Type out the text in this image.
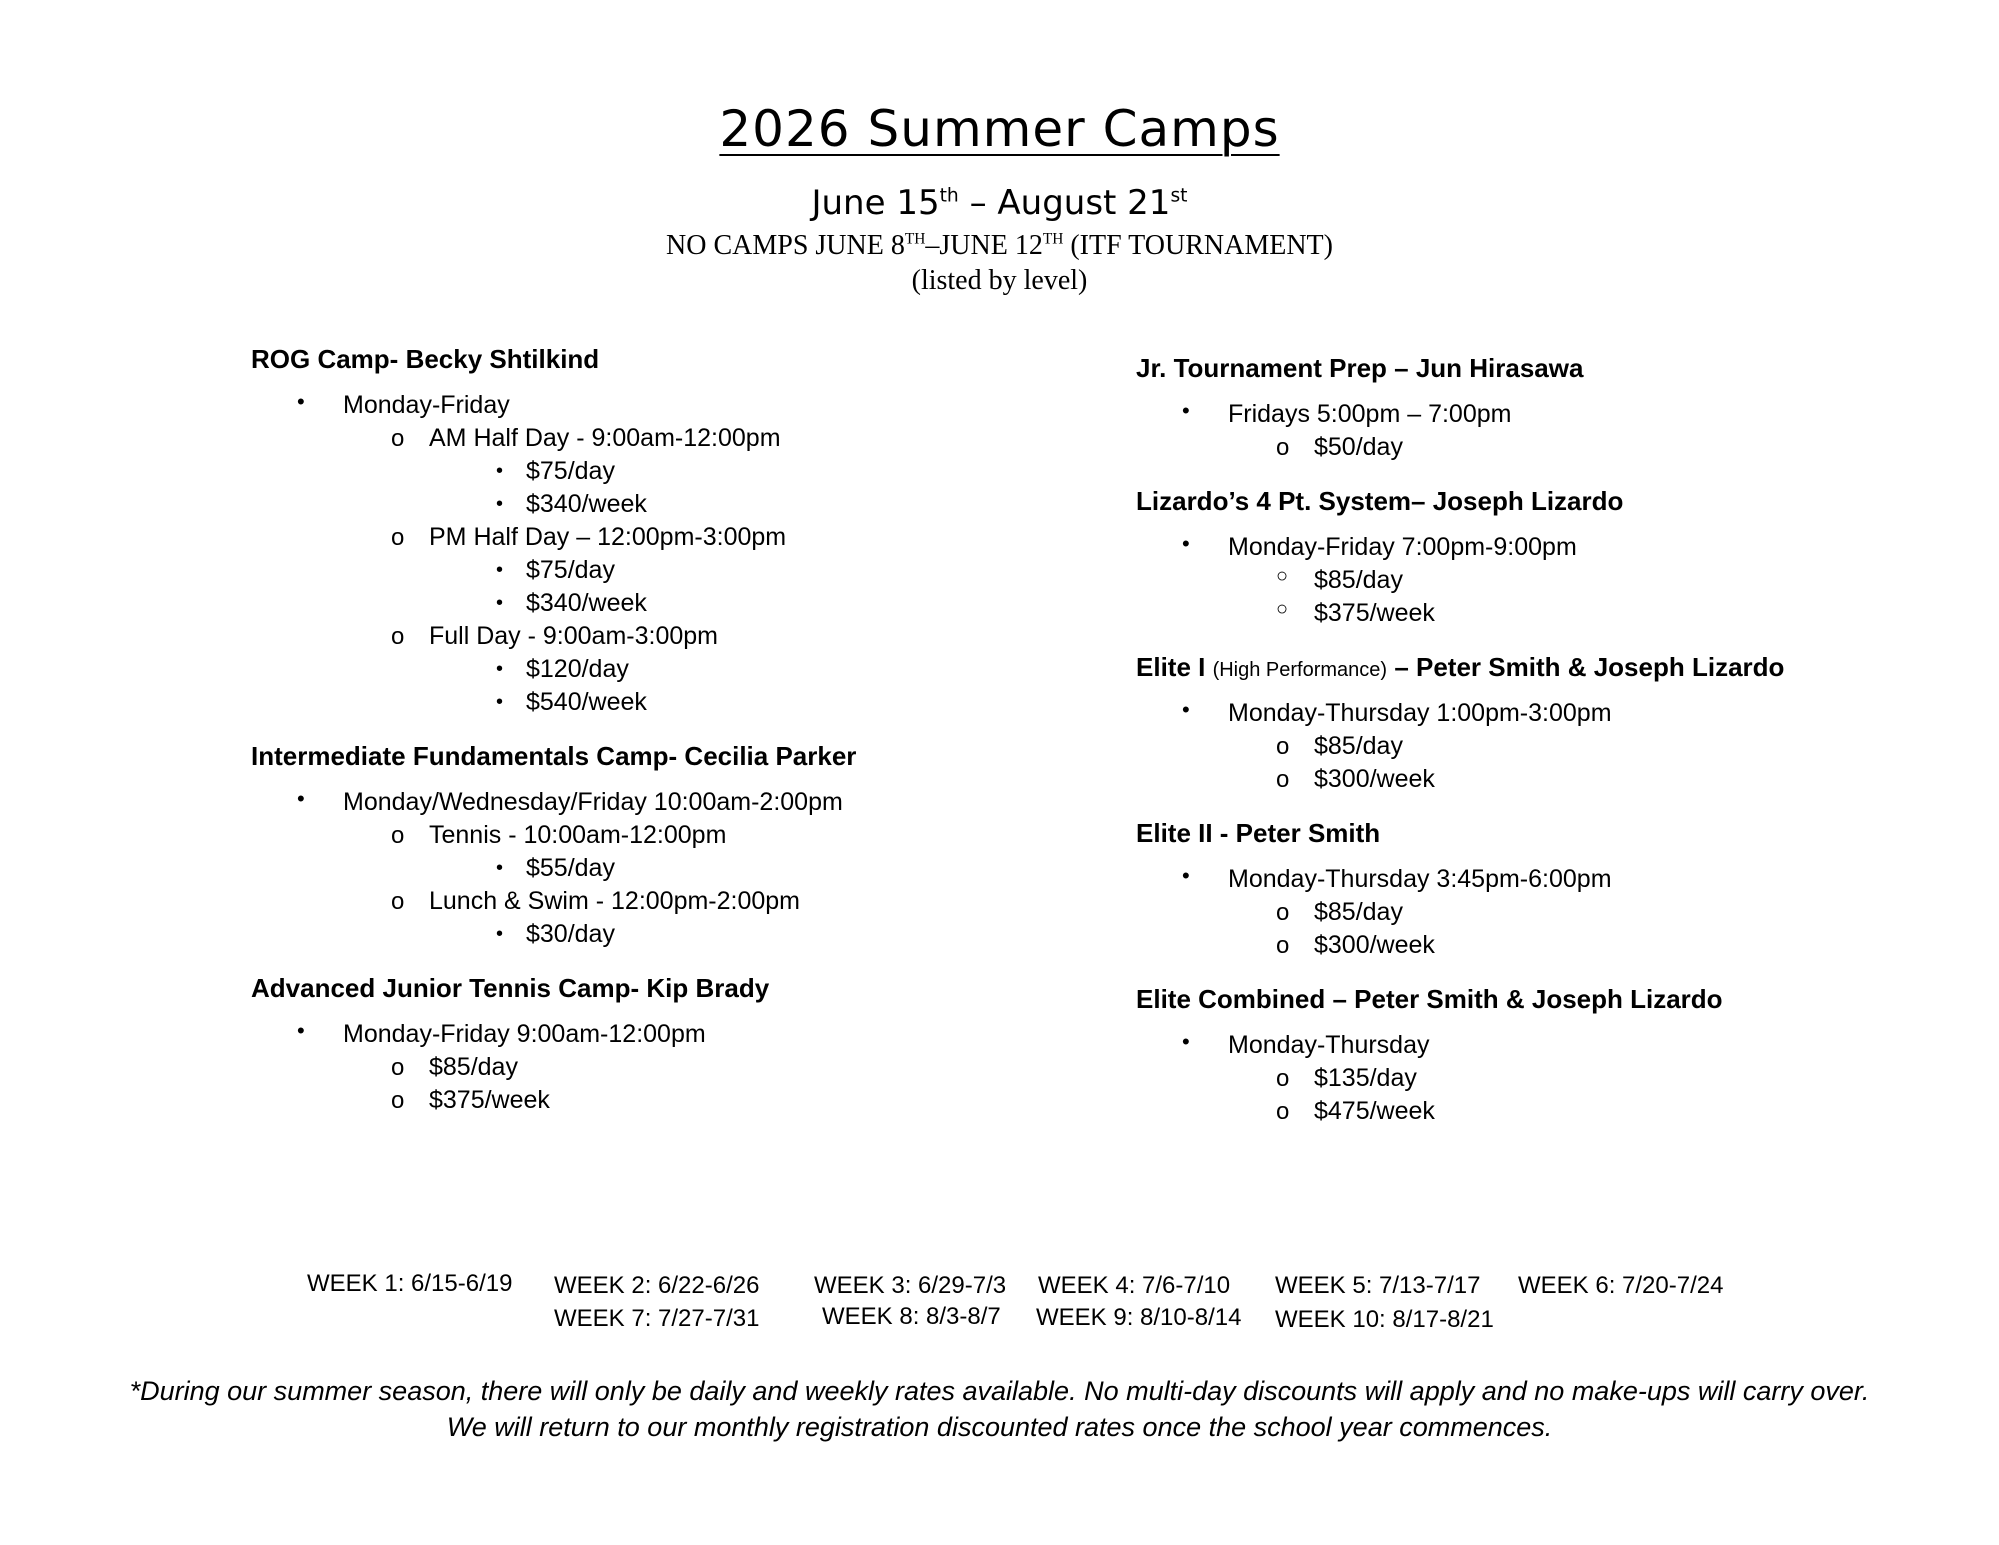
2026 Summer Camps
June 15th – August 21st
NO CAMPS JUNE 8TH–JUNE 12TH (ITF TOURNAMENT)
(listed by level)
ROG Camp- Becky Shtilkind
• Monday-Friday
o AM Half Day - 9:00am-12:00pm
• $75/day
• $340/week
o PM Half Day – 12:00pm-3:00pm
• $75/day
• $340/week
o Full Day - 9:00am-3:00pm
• $120/day
• $540/week
Intermediate Fundamentals Camp- Cecilia Parker
• Monday/Wednesday/Friday 10:00am-2:00pm
o Tennis - 10:00am-12:00pm
• $55/day
o Lunch & Swim - 12:00pm-2:00pm
• $30/day
Advanced Junior Tennis Camp- Kip Brady
• Monday-Friday 9:00am-12:00pm
o $85/day
o $375/week
Jr. Tournament Prep – Jun Hirasawa
• Fridays 5:00pm – 7:00pm
o $50/day
Lizardo’s 4 Pt. System– Joseph Lizardo
• Monday-Friday 7:00pm-9:00pm
○ $85/day
○ $375/week
Elite I (High Performance) – Peter Smith & Joseph Lizardo
• Monday-Thursday 1:00pm-3:00pm
o $85/day
o $300/week
Elite II - Peter Smith
• Monday-Thursday 3:45pm-6:00pm
o $85/day
o $300/week
Elite Combined – Peter Smith & Joseph Lizardo
• Monday-Thursday
o $135/day
o $475/week
WEEK 1: 6/15-6/19 WEEK 2: 6/22-6/26 WEEK 3: 6/29-7/3 WEEK 4: 7/6-7/10 WEEK 5: 7/13-7/17 WEEK 6: 7/20-7/24
WEEK 7: 7/27-7/31	WEEK 8: 8/3-8/7 WEEK 9: 8/10-8/14 WEEK 10: 8/17-8/21
*During our summer season, there will only be daily and weekly rates available. No multi-day discounts will apply and no make-ups will carry over.
We will return to our monthly registration discounted rates once the school year commences.
